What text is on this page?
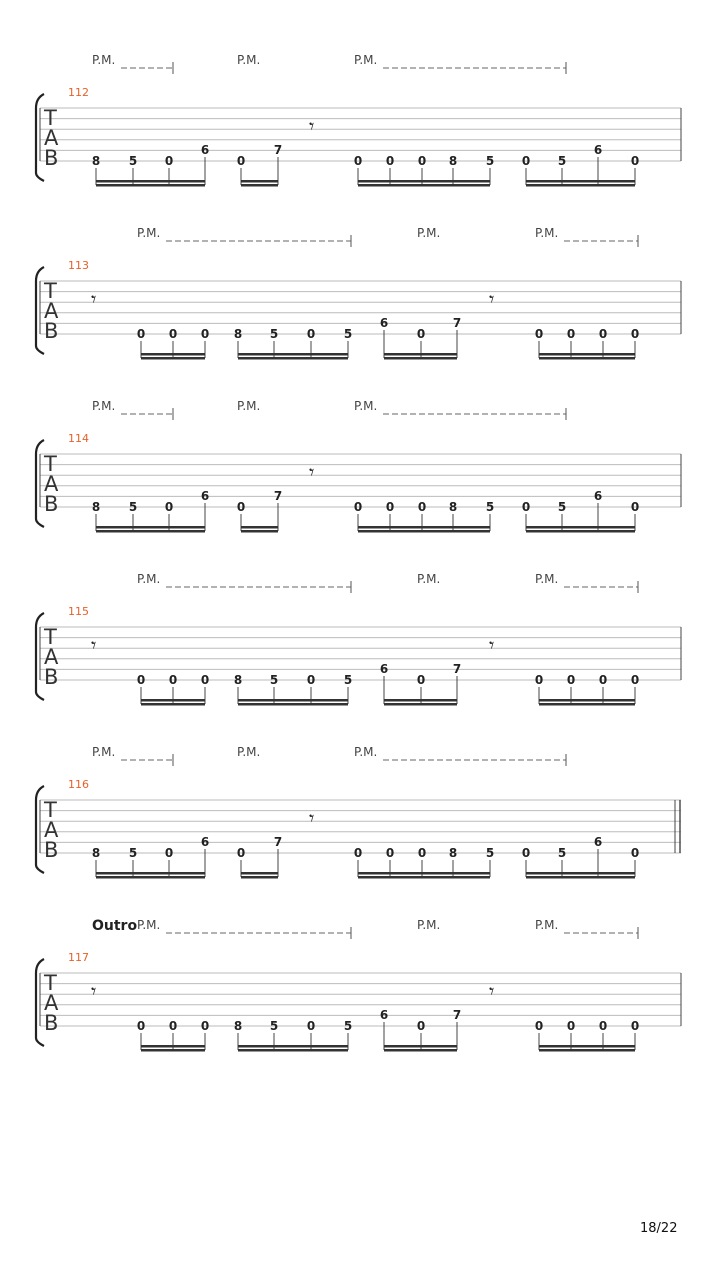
P.M.	P.M.	P.M.
112
T
A
B
𝄾
8 5 0
6
0
7
0 0 0 8 5 0 5
6
0
P.M.	P.M.	P.M.
113
T
A
B
𝄾	𝄾
0 0 0 8 5 0 5
6
0
7
0 0 0 0
P.M.	P.M.	P.M.
114
T
A
B
𝄾
8 5 0
6
0
7
0 0 0 8 5 0 5
6
0
P.M.	P.M.	P.M.
115
T
A
B
𝄾	𝄾
0 0 0 8 5 0 5
6
0
7
0 0 0 0
P.M.	P.M.	P.M.
116
T
A
B
𝄾
8 5 0
6
0
7
0 0 0 8 5 0 5
6
0
Outro P.M.	P.M.	P.M.
117
T
A
B
𝄾	𝄾
0 0 0 8 5 0 5
6
0
7
0 0 0 0
18/22
